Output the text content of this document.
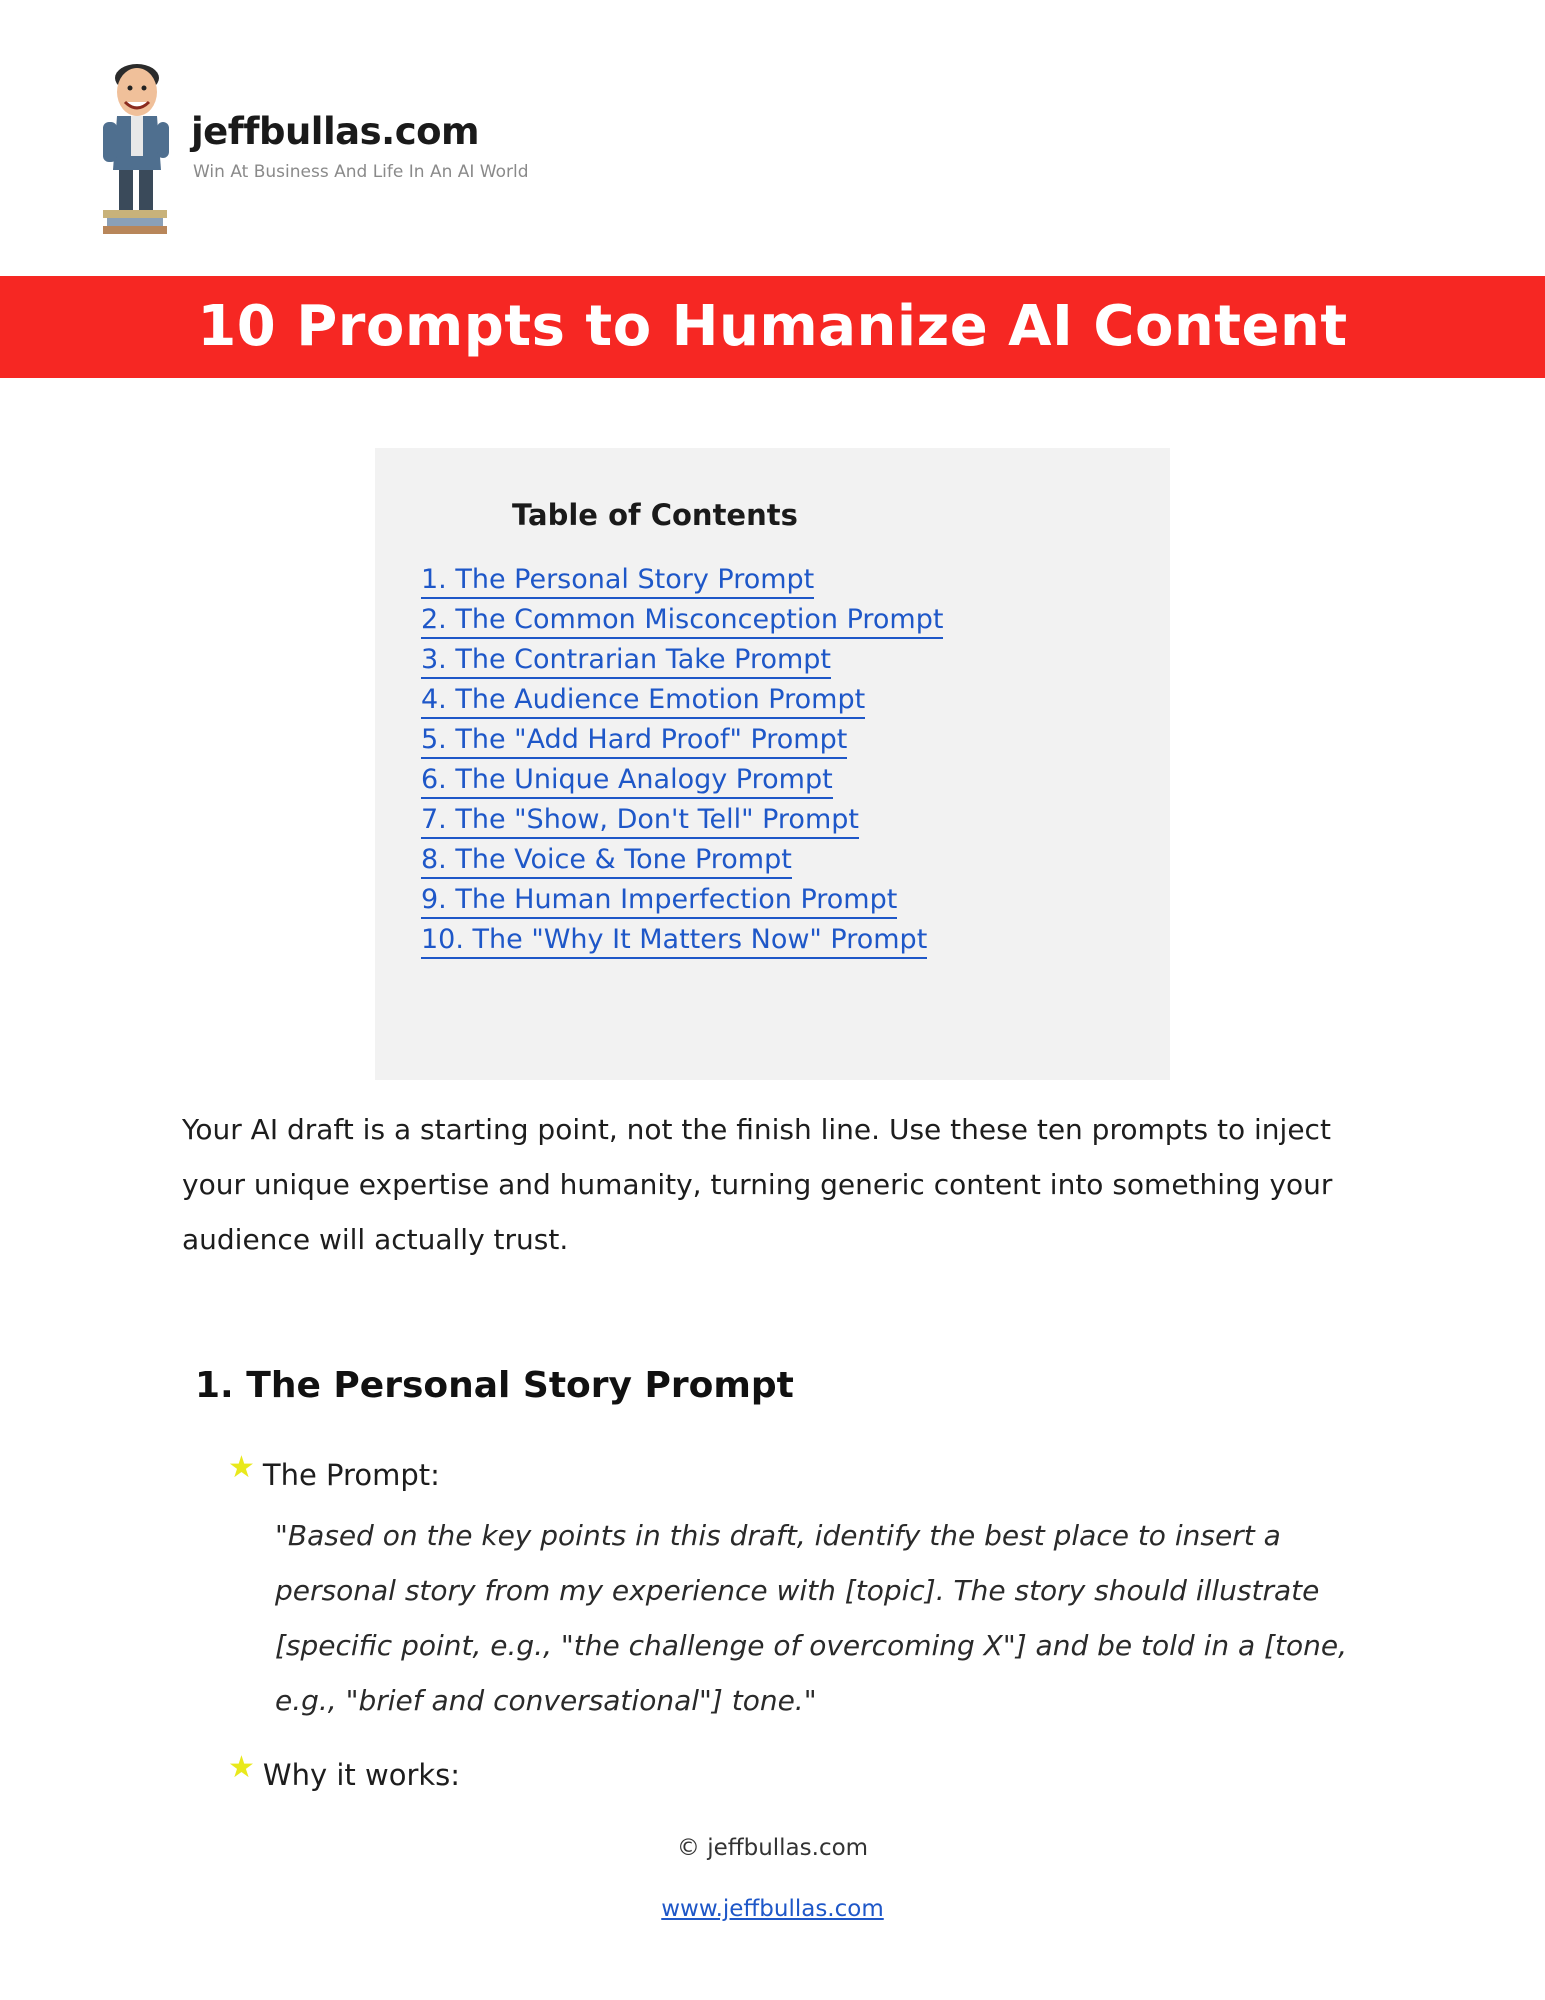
jeffbullas.com
Win At Business And Life In An AI World
10 Prompts to Humanize AI Content
Table of Contents
1. The Personal Story Prompt
2. The Common Misconception Prompt
3. The Contrarian Take Prompt
4. The Audience Emotion Prompt
5. The "Add Hard Proof" Prompt
6. The Unique Analogy Prompt
7. The "Show, Don't Tell" Prompt
8. The Voice & Tone Prompt
9. The Human Imperfection Prompt
10. The "Why It Matters Now" Prompt

Your AI draft is a starting point, not the finish line. Use these ten prompts to inject your unique expertise and humanity, turning generic content into something your audience will actually trust.

1. The Personal Story Prompt
★ The Prompt:

"Based on the key points in this draft, identify the best place to insert a personal story from my experience with [topic]. The story should illustrate [specific point, e.g., "the challenge of overcoming X"] and be told in a [tone, e.g., "brief and conversational"] tone."

★ Why it works:
© jeffbullas.com
www.jeffbullas.com
